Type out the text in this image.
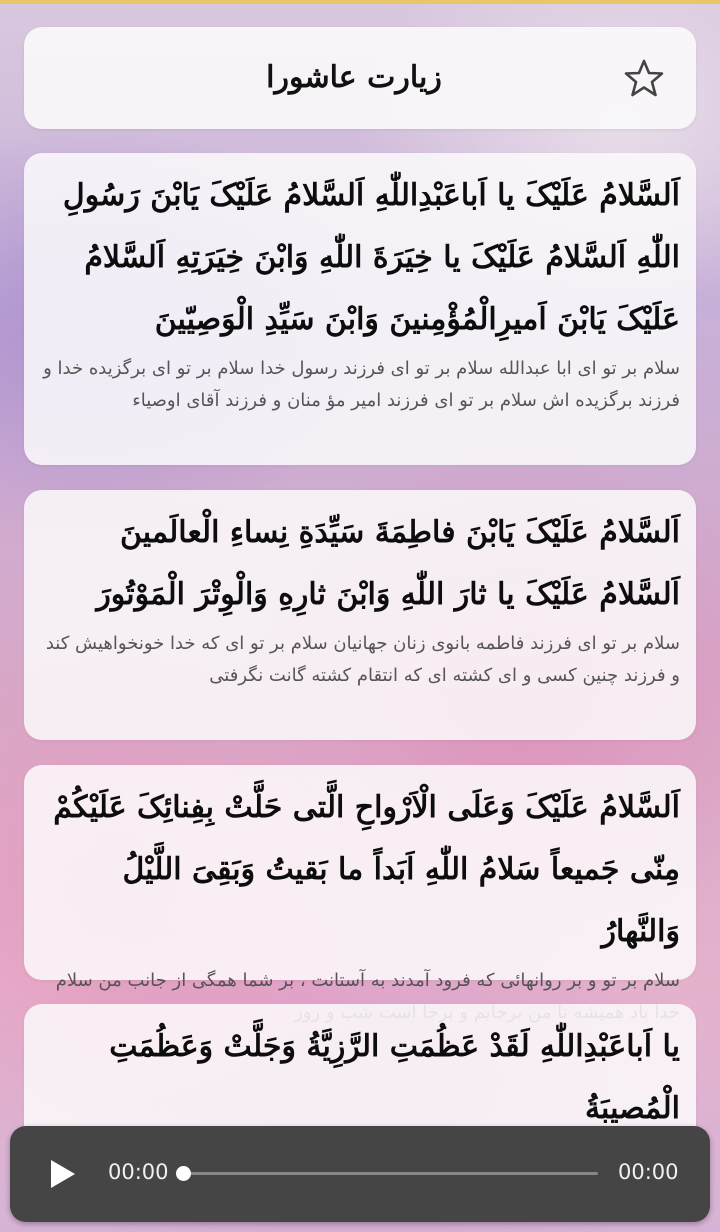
زیارت عاشورا
اَلسَّلامُ عَلَیْکَ یا اَباعَبْدِاللّٰهِ اَلسَّلامُ عَلَیْکَ یَابْنَ رَسُولِ اللّٰهِ اَلسَّلامُ عَلَیْکَ یا خِیَرَةَ اللّٰهِ وَابْنَ خِیَرَتِهِ اَلسَّلامُ عَلَیْکَ یَابْنَ اَمیرِالْمُؤْمِنینَ وَابْنَ سَیِّدِ الْوَصِیّینَ
سلام بر تو ای ابا عبدالله سلام بر تو ای فرزند رسول خدا سلام بر تو ای برگزیده خدا و فرزند برگزیده اش سلام بر تو ای فرزند امیر مؤ منان و فرزند آقای اوصیاء
اَلسَّلامُ عَلَیْکَ یَابْنَ فاطِمَةَ سَیِّدَةِ نِساءِ الْعالَمینَ اَلسَّلامُ عَلَیْکَ یا ثارَ اللّٰهِ وَابْنَ ثارِهِ وَالْوِتْرَ الْمَوْتُورَ
سلام بر تو ای فرزند فاطمه بانوی زنان جهانیان سلام بر تو ای که خدا خونخواهیش کند و فرزند چنین کسی و ای کشته ای که انتقام کشته گانت نگرفتی
اَلسَّلامُ عَلَیْکَ وَعَلَی الْاَرْواحِ الَّتی حَلَّتْ بِفِنائِکَ عَلَیْکُمْ مِنّی جَمیعاً سَلامُ اللّٰهِ اَبَداً ما بَقیتُ وَبَقِیَ اللَّیْلُ وَالنَّهارُ
سلام بر تو و بر روانهائی که فرود آمدند به آستانت ، بر شما همگی از جانب من سلام
یا اَباعَبْدِاللّٰهِ لَقَدْ عَظُمَتِ الرَّزِیَّةُ وَجَلَّتْ وَعَظُمَتِ الْمُصیبَةُ
00:00	00:00
